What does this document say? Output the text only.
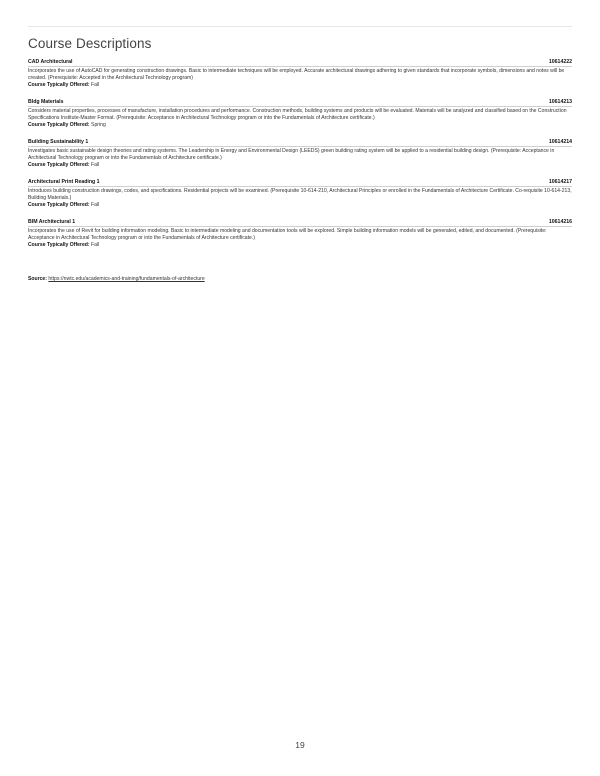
Course Descriptions
CAD Architectural	10614222
Incorporates the use of AutoCAD for generating construction drawings. Basic to intermediate techniques will be employed. Accurate architectural drawings adhering to given standards that incorporate symbols, dimensions and notes will be created. (Prerequisite: Accepted in the Architectural Technology program)
Course Typically Offered: Fall
Bldg Materials	10614213
Considers material properties, processes of manufacture, installation procedures and performance. Construction methods, building systems and products will be evaluated. Materials will be analyzed and classified based on the Construction Specifications Institute-Master Format. (Prerequisite: Acceptance in Architectural Technology program or into the Fundamentals of Architecture certificate.)
Course Typically Offered: Spring
Building Sustainability 1	10614214
Investigates basic sustainable design theories and rating systems. The Leadership in Energy and Environmental Design (LEEDS) green building rating system will be applied to a residential building design. (Prerequisite: Acceptance in Architectural Technology program or into the Fundamentals of Architecture certificate.)
Course Typically Offered: Fall
Architectural Print Reading 1	10614217
Introduces building construction drawings, codes, and specifications. Residential projects will be examined. (Prerequisite 10-614-210, Architectural Principles or enrolled in the Fundamentals of Architecture Certificate. Co-requisite 10-614-213, Building Materials.)
Course Typically Offered: Fall
BIM Architectural 1	10614216
Incorporates the use of Revit for building information modeling. Basic to intermediate modeling and documentation tools will be explored. Simple building information models will be generated, edited, and documented. (Prerequisite: Acceptance in Architectural Technology program or into the Fundamentals of Architecture certificate.)
Course Typically Offered: Fall
Source: https://nwtc.edu/academics-and-training/fundamentals-of-architecture
19
